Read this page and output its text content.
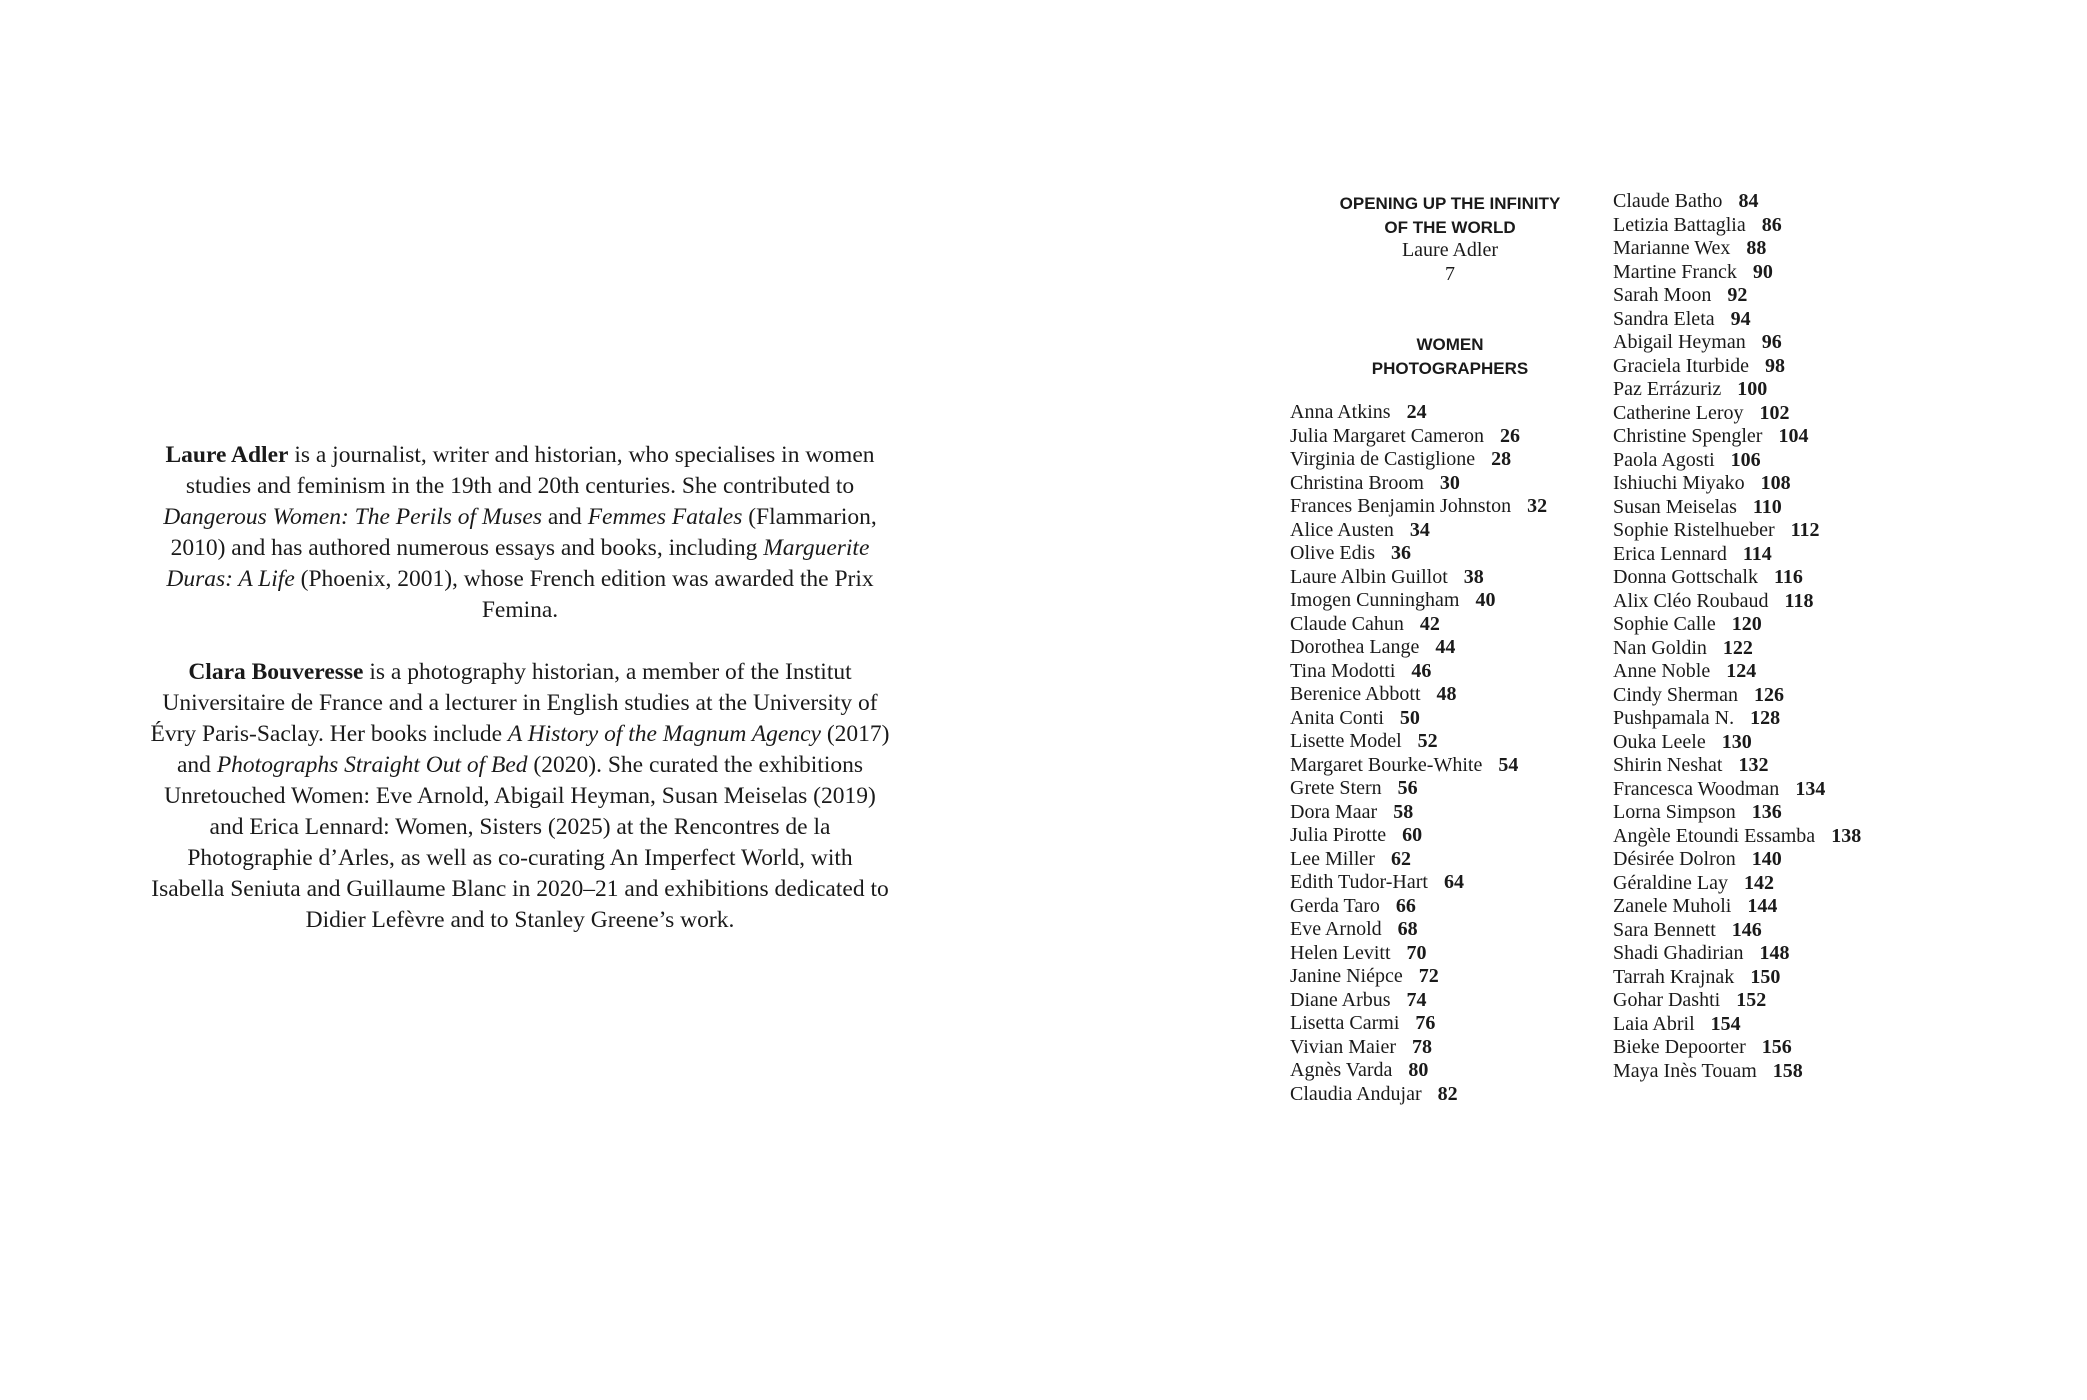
Laure Adler is a journalist, writer and historian, who specialises in women studies and feminism in the 19th and 20th centuries. She contributed to Dangerous Women: The Perils of Muses and Femmes Fatales (Flammarion, 2010) and has authored numerous essays and books, including Marguerite Duras: A Life (Phoenix, 2001), whose French edition was awarded the Prix Femina.

Clara Bouveresse is a photography historian, a member of the Institut Universitaire de France and a lecturer in English studies at the University of Évry Paris-Saclay. Her books include A History of the Magnum Agency (2017) and Photographs Straight Out of Bed (2020). She curated the exhibitions Unretouched Women: Eve Arnold, Abigail Heyman, Susan Meiselas (2019) and Erica Lennard: Women, Sisters (2025) at the Rencontres de la Photographie d’Arles, as well as co-curating An Imperfect World, with Isabella Seniuta and Guillaume Blanc in 2020–21 and exhibitions dedicated to Didier Lefèvre and to Stanley Greene’s work.

OPENING UP THE INFINITY
OF THE WORLD
Laure Adler
7
WOMEN
PHOTOGRAPHERS
Anna Atkins 24
Julia Margaret Cameron 26
Virginia de Castiglione 28
Christina Broom 30
Frances Benjamin Johnston 32
Alice Austen 34
Olive Edis 36
Laure Albin Guillot 38
Imogen Cunningham 40
Claude Cahun 42
Dorothea Lange 44
Tina Modotti 46
Berenice Abbott 48
Anita Conti 50
Lisette Model 52
Margaret Bourke-White 54
Grete Stern 56
Dora Maar 58
Julia Pirotte 60
Lee Miller 62
Edith Tudor-Hart 64
Gerda Taro 66
Eve Arnold 68
Helen Levitt 70
Janine Niépce 72
Diane Arbus 74
Lisetta Carmi 76
Vivian Maier 78
Agnès Varda 80
Claudia Andujar 82
Claude Batho 84
Letizia Battaglia 86
Marianne Wex 88
Martine Franck 90
Sarah Moon 92
Sandra Eleta 94
Abigail Heyman 96
Graciela Iturbide 98
Paz Errázuriz 100
Catherine Leroy 102
Christine Spengler 104
Paola Agosti 106
Ishiuchi Miyako 108
Susan Meiselas 110
Sophie Ristelhueber 112
Erica Lennard 114
Donna Gottschalk 116
Alix Cléo Roubaud 118
Sophie Calle 120
Nan Goldin 122
Anne Noble 124
Cindy Sherman 126
Pushpamala N. 128
Ouka Leele 130
Shirin Neshat 132
Francesca Woodman 134
Lorna Simpson 136
Angèle Etoundi Essamba 138
Désirée Dolron 140
Géraldine Lay 142
Zanele Muholi 144
Sara Bennett 146
Shadi Ghadirian 148
Tarrah Krajnak 150
Gohar Dashti 152
Laia Abril 154
Bieke Depoorter 156
Maya Inès Touam 158
